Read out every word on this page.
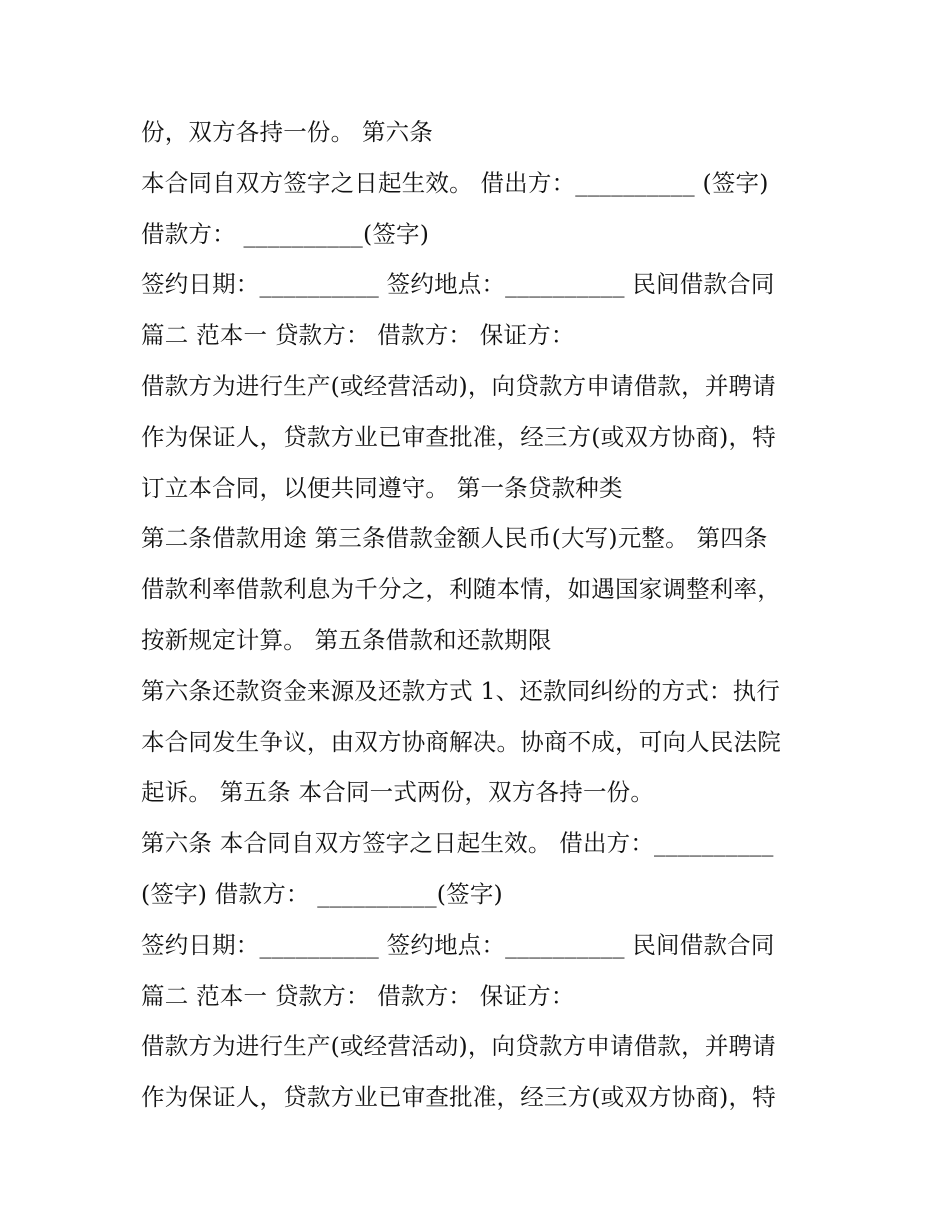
份，双方各持一份。 第六条
本合同自双方签字之日起生效。 借出方：__________ (签字)
借款方： __________(签字)
签约日期：__________ 签约地点：__________ 民间借款合同
篇二 范本一 贷款方： 借款方： 保证方：
借款方为进行生产(或经营活动)，向贷款方申请借款，并聘请
作为保证人，贷款方业已审查批准，经三方(或双方协商)，特
订立本合同，以便共同遵守。 第一条贷款种类
第二条借款用途 第三条借款金额人民币(大写)元整。 第四条
借款利率借款利息为千分之，利随本情，如遇国家调整利率，
按新规定计算。 第五条借款和还款期限
第六条还款资金来源及还款方式 1、还款同纠纷的方式：执行
本合同发生争议，由双方协商解决。协商不成，可向人民法院
起诉。 第五条 本合同一式两份，双方各持一份。
第六条 本合同自双方签字之日起生效。 借出方：__________
(签字) 借款方： __________(签字)
签约日期：__________ 签约地点：__________ 民间借款合同
篇二 范本一 贷款方： 借款方： 保证方：
借款方为进行生产(或经营活动)，向贷款方申请借款，并聘请
作为保证人，贷款方业已审查批准，经三方(或双方协商)，特
